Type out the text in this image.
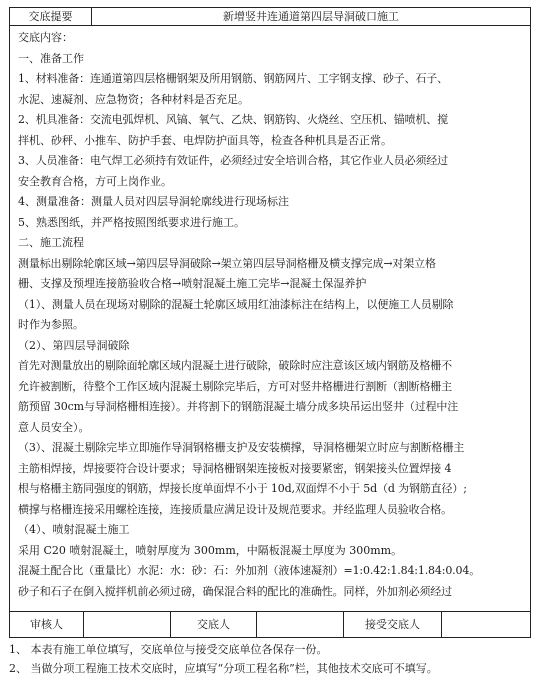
交底提要	新增竖井连通道第四层导洞破口施工
交底内容：
一、准备工作
1、材料准备：连通道第四层格栅钢架及所用钢筋、钢筋网片、工字钢支撑、砂子、石子、
水泥、速凝剂、应急物资；各种材料是否充足。
2、机具准备：交流电弧焊机、风镐、氧气、乙炔、钢筋钩、火烧丝、空压机、锚喷机、搅
拌机、砂秤、小推车、防护手套、电焊防护面具等，检查各种机具是否正常。
3、人员准备：电气焊工必须持有效证件，必须经过安全培训合格，其它作业人员必须经过
安全教育合格，方可上岗作业。
4、测量准备：测量人员对四层导洞轮廓线进行现场标注
5、熟悉图纸，并严格按照图纸要求进行施工。
二、施工流程
测量标出剔除轮廓区域→第四层导洞破除→架立第四层导洞格栅及横支撑完成→对架立格
栅、支撑及预埋连接筋验收合格→喷射混凝土施工完毕→混凝土保湿养护
（1）、测量人员在现场对剔除的混凝土轮廓区域用红油漆标注在结构上，以便施工人员剔除
时作为参照。
（2）、第四层导洞破除
首先对测量放出的剔除面轮廓区域内混凝土进行破除，破除时应注意该区域内钢筋及格栅不
允许被割断，待整个工作区域内混凝土剔除完毕后，方可对竖井格栅进行割断（割断格栅主
筋预留 30cm与导洞格栅相连接）。并将割下的钢筋混凝土墙分成多块吊运出竖井（过程中注
意人员安全）。
（3）、混凝土剔除完毕立即施作导洞钢格栅支护及安装横撑，导洞格栅架立时应与割断格栅主
主筋相焊接，焊接要符合设计要求；导洞格栅钢架连接板对接要紧密，钢架接头位置焊接 4
根与格栅主筋同强度的钢筋，焊接长度单面焊不小于 10d,双面焊不小于 5d（d 为钢筋直径）;
横撑与格栅连接采用螺栓连接，连接质量应满足设计及规范要求。并经监理人员验收合格。
（4）、喷射混凝土施工
采用 C20 喷射混凝土，喷射厚度为 300mm，中隔板混凝土厚度为 300mm。
混凝土配合比（重量比）水泥：水：砂：石：外加剂（液体速凝剂）=1:0.42:1.84:1.84:0.04。
砂子和石子在倒入搅拌机前必须过磅，确保混合料的配比的准确性。同样，外加剂必须经过
审核人	交底人	接受交底人
1、 本表有施工单位填写，交底单位与接受交底单位各保存一份。
2、 当做分项工程施工技术交底时，应填写“分项工程名称”栏，其他技术交底可不填写。
